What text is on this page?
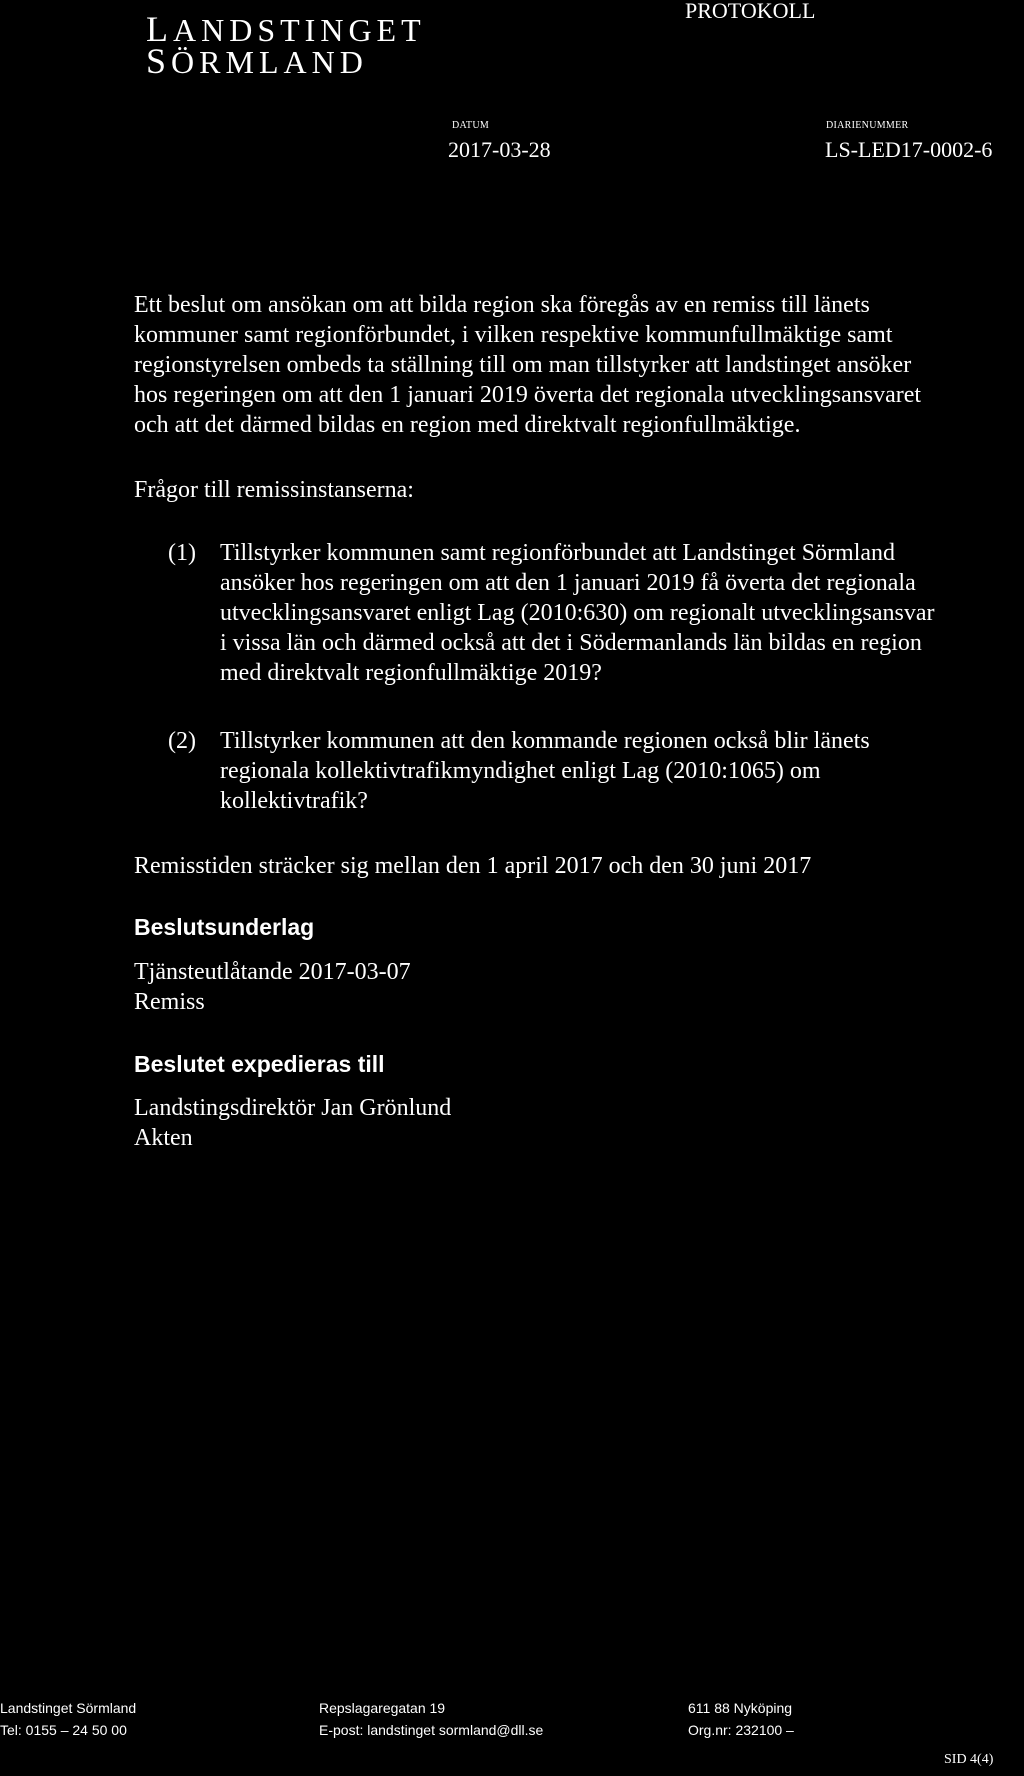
LANDSTINGET
SÖRMLAND
PROTOKOLL
DATUM
2017-03-28
DIARIENUMMER
LS-LED17-0002-6
Ett beslut om ansökan om att bilda region ska föregås av en remiss till länets
kommuner samt regionförbundet, i vilken respektive kommunfullmäktige samt
regionstyrelsen ombeds ta ställning till om man tillstyrker att landstinget ansöker
hos regeringen om att den 1 januari 2019 överta det regionala utvecklingsansvaret
och att det därmed bildas en region med direktvalt regionfullmäktige.
Frågor till remissinstanserna:
(1) Tillstyrker kommunen samt regionförbundet att Landstinget Sörmland
ansöker hos regeringen om att den 1 januari 2019 få överta det regionala
utvecklingsansvaret enligt Lag (2010:630) om regionalt utvecklingsansvar
i vissa län och därmed också att det i Södermanlands län bildas en region
med direktvalt regionfullmäktige 2019?
(2) Tillstyrker kommunen att den kommande regionen också blir länets
regionala kollektivtrafikmyndighet enligt Lag (2010:1065) om
kollektivtrafik?
Remisstiden sträcker sig mellan den 1 april 2017 och den 30 juni 2017
Beslutsunderlag
Tjänsteutlåtande 2017-03-07
Remiss
Beslutet expedieras till
Landstingsdirektör Jan Grönlund
Akten
Landstinget Sörmland
Tel: 0155 – 24 50 00
Repslagaregatan 19
E-post: landstinget sormland@dll.se
611 88 Nyköping
Org.nr: 232100 –
SID 4(4)
